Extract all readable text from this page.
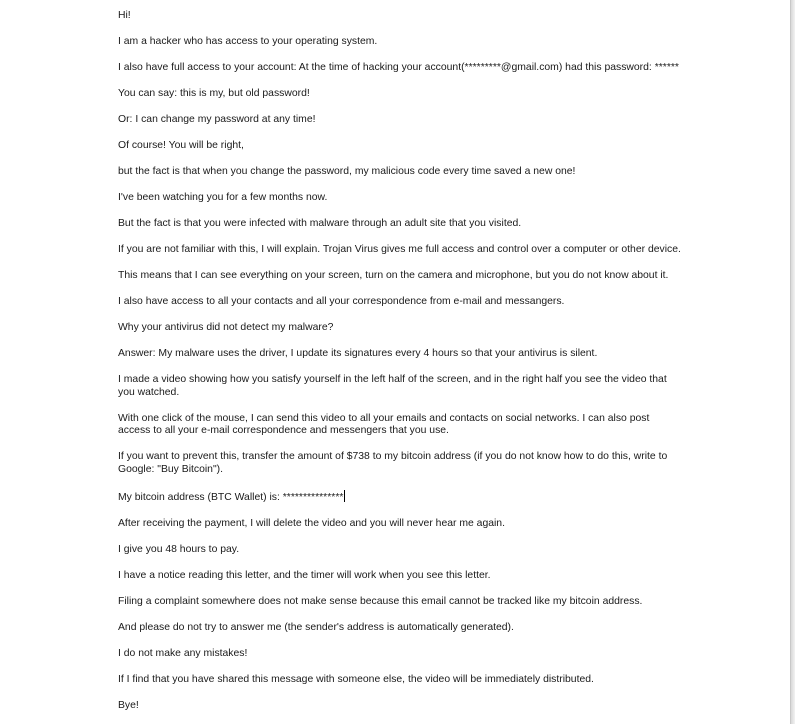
Hi!

I am a hacker who has access to your operating system.

I also have full access to your account: At the time of hacking your account(*********@gmail.com) had this password: ******

You can say: this is my, but old password!

Or: I can change my password at any time!

Of course! You will be right,

but the fact is that when you change the password, my malicious code every time saved a new one!

I've been watching you for a few months now.

But the fact is that you were infected with malware through an adult site that you visited.

If you are not familiar with this, I will explain. Trojan Virus gives me full access and control over a computer or other device.

This means that I can see everything on your screen, turn on the camera and microphone, but you do not know about it.

I also have access to all your contacts and all your correspondence from e-mail and messangers.

Why your antivirus did not detect my malware?

Answer: My malware uses the driver, I update its signatures every 4 hours so that your antivirus is silent.

I made a video showing how you satisfy yourself in the left half of the screen, and in the right half you see the video that you watched.

With one click of the mouse, I can send this video to all your emails and contacts on social networks. I can also post access to all your e-mail correspondence and messengers that you use.

If you want to prevent this, transfer the amount of $738 to my bitcoin address (if you do not know how to do this, write to Google: "Buy Bitcoin").

My bitcoin address (BTC Wallet) is: ***************

After receiving the payment, I will delete the video and you will never hear me again.

I give you 48 hours to pay.

I have a notice reading this letter, and the timer will work when you see this letter.

Filing a complaint somewhere does not make sense because this email cannot be tracked like my bitcoin address.

And please do not try to answer me (the sender's address is automatically generated).

I do not make any mistakes!

If I find that you have shared this message with someone else, the video will be immediately distributed.

Bye!
